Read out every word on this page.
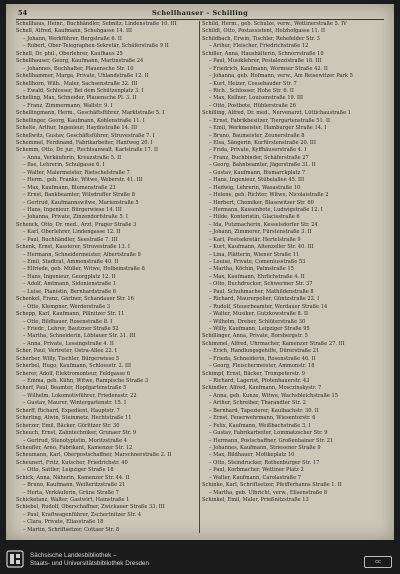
54	Schellhauser – Schilling
Schellhaus, Heinr., Buchhändler, Sebnitz, Lindenstraße 10. III
Schell, Alfred, Kaufmann, Schuhgasse 14. III
– Johann, Werkführer, Bergstraße 6. II
– Robert, Ober-Telegraphen-Sekretär, Schäferstraße 9 II
Schell, Dr. phil., Oberlehrer, Kaufhaus 25
Schellhauser, Georg, Kaufmann, Martinstraße 24
– Johannes, Buchhalter, Plauensche Str. 10
Schellhammer, Marga, Private, Uhlandstraße 12. II
Schellhorn, Wilh., Maler, Sachsenstraße 32. III
– Ewald, Schlosser, Bei dem Schützenplatz 3. I
Schelling, Max, Schneider, Plauensche Pl. 3. II
– Franz, Zimmermann, Wallstr. 9. I
Schellingmann, Herm., Geschäftsführer, Marktstraße 5. I
Schellinger, Georg, Kaufmann, Kohlenstraße 11. I
Schelte, Arthur, Ingenieur, Haydnstraße 14. III
Schellwitz, Gustav, Geschäftsführer, Struvestraße 7. I
Schemmel, Ferdinand, Fabrikarbeiter, Hanfweg 20. I
Schemm, Otto, Dr. jur., Rechtsanwalt, Karlstraße 17. II
– Anna, Verkäuferin, Kreuzstraße 5. II
– Ilse, Lehrerin, Schulgasse 6. I
– Walter, Malermeister, Rietschelstraße 7
– Herm., geb. Franke, Witwe, Weberstr. 41. III
– Max, Kaufmann, Blumenstraße 23
– Ernst, Bankbeamter, Wilsdruffer Straße 8
– Gertrud, Kaufmannswitwe, Marienstraße 5
– Hans, Ingenieur, Bürgerwiese 14. III
– Johanna, Private, Zinzendorfstraße 5. I
Schenck, Otto, Dr. med., Arzt, Prager Straße 3
– Karl, Oberlehrer, Lindengasse 12. II
– Paul, Buchhändler, Seestraße 7. III
Schenk, Ernst, Kassierer, Struvestraße 13. I
– Hermann, Schneidermeister, Albertstraße 9
– Emil, Stadtrat, Ammonstraße 40. II
– Elfriede, geb. Müller, Witwe, Holbeinstraße 8
– Hans, Ingenieur, Georgplatz 12. II
– Adolf, Amtmann, Sidonienstraße 1
– Luise, Pianistin, Bernhardstraße 6
Schenkel, Franz, Gärtner, Schandauer Str. 16
– Otto, Klempner, Werderstraße 3
Schepp, Karl, Kaufmann, Pillnitzer Str. 11
– Otto, Bildhauer, Rosenstraße 8. I
– Friedr., Lehrer, Bautzner Straße 52
– Martha, Schneiderin, Löbtauer Str. 31. III
– Anna, Private, Lessingstraße 4. II
Scher, Paul, Vertreter, Ostra-Allee 22. I
Scherber, Willy, Tischler, Bürgerwiese 5
Scherbel, Hugo, Kaufmann, Schlossstr. 2. III
Scherer, Adolf, Elektromonteur, Feldgasse 6
– Emma, geb. Kühn, Witwe, Rampische Straße 3
Scherf, Paul, Beamter, Hopfgartenstraße 5
– Wilhelm, Lokomotivführer, Friedensstr. 22
– Gustav, Maurer, Wintergartenstr. 15. I
Scherff, Richard, Expedient, Hauptstr. 7
Scherling, Alwin, Steinmetz, Hechtstraße 11
Scherzer, Emil, Bäcker, Görlitzer Str. 30
Scheuch, Ernst, Zahntechniker, Grunaer Str. 9
– Gertrud, Stenotypistin, Moritzstraße 4
Scheufler, Arno, Fabrikant, Kamenzer Str. 12
Scheumann, Karl, Oberpostschaffner, Marschnerstraße 2. II
Scheunert, Fritz, Kutscher, Friedrichstr. 40
– Otto, Sattler, Leipziger Straße 18
Schick, Anna, Näherin, Kamenzer Str. 44. II
– Bruno, Kaufmann, Weißeritzstraße 21
– Herta, Verkäuferin, Grüne Straße 7
Schicketanz, Walter, Gastwirt, Hainstraße 1
Schiebel, Rudolf, Oberschaffner, Zwickauer Straße 33. III
– Paul, Kraftwagenführer, Zschertnitzer Str. 4
– Clara, Private, Eliasstraße 18
– Martin, Schriftsetzer, Cottaer Str. 8
Schild, Herm., geb. Schulze, verw., Wettinerstraße 5. IV
Schildt, Otto, Postassistent, Holzhofgasse 11. II
Schildbach, Erwin, Tischler, Rehefelder Str. 3
– Arthur, Fleischer, Friedrichstraße 12
Schiller, Anna, Haushälterin, Schnorrstraße 10
– Paul, Musiklehrer, Pestalozzistraße 18. III
– Friedrich, Kaufmann, Wormser Straße 42. II
– Johanna, geb. Hofmann, verw., Am Reisewitzer Park 5
– Kurt, Heizer, Cossebauder Str. 7
– Rich., Schlosser, Hohe Str. 6. II
– Max, Kellner, Louisenstraße 19. III
– Otto, Postbote, Hüblerstraße 26
Schilling, Alfred, Dr. med., Nervenarzt, Lüttichaustraße 1
– Ernst, Fabrikbesitzer, Tiergartenstraße 51. II
– Emil, Werkmeister, Hamburger Straße 14. I
– Bruno, Baumeister, Zeunerstraße 8
– Elsa, Sängerin, Kurfürstenstraße 20. III
– Frida, Private, Kyffhäuserstraße 4. I
– Franz, Buchbinder, Schäferstraße 27
– Georg, Bahnbeamter, Jägerstraße 31. II
– Gustav, Kaufmann, Bismarckplatz 7
– Hans, Ingenieur, Stübelallee 45. III
– Hedwig, Lehrerin, Wasastraße 10
– Helene, geb. Richter, Witwe, Nicolaistraße 2
– Herbert, Chemiker, Blasewitzer Str. 60
– Hermann, Kassenbote, Ludwigstraße 12. I
– Hilde, Kontoristin, Glacisstraße 6
– Ida, Putzmacherin, Kesselsdorfer Str. 24
– Johann, Zimmerer, Fürstenstraße 3. II
– Karl, Postsekretär, Hertelstraße 9
– Kurt, Kaufmann, Altenzeller Str. 40. III
– Lina, Plätterin, Wiener Straße 11
– Louise, Private, Comeniusstraße 53
– Martha, Köchin, Palmstraße 15
– Max, Kaufmann, Ehrlichstraße 4. II
– Otto, Buchdrucker, Schweriner Str. 37
– Paul, Schuhmacher, Mathildenstraße 8
– Richard, Maurerpolier, Güntzstraße 22. I
– Rudolf, Steuerbeamter, Werdauer Straße 14
– Walter, Musiker, Gutzkowstraße 8. II
– Wilhelm, Dreher, Schlüterstraße 30
– Willy, Kaufmann, Leipziger Straße 95
Schillinger, Anna, Private, Borsbergstr. 5
Schimmel, Alfred, Uhrmacher, Kamenzer Straße 27. III
– Erich, Handlungsgehilfe, Dürerstraße 21
– Frieda, Schneiderin, Rosenstraße 46. II
– Georg, Fleischermeister, Ammonstr. 18
Schimpf, Ernst, Bäcker, Trompeterstr. 9
– Richard, Lagerist, Pfotenhauerstr. 43
Schindler, Alfred, Kaufmann, Mosczinskystr. 7
– Anna, geb. Kunze, Witwe, Wachsbleichstraße 15
– Arthur, Schreiber, Tharandter Str. 2
– Bernhard, Tapezierer, Kaulbachstr. 30. II
– Ernst, Feuerwehrmann, Wiesentorstr. 6
– Felix, Kaufmann, Weißbachstraße 3. I
– Gustav, Fabrikarbeiter, Lommatzscher Str. 9
– Hermann, Postschaffner, Großenhainer Str. 21
– Johannes, Kaufmann, Striesener Straße 9
– Max, Bildhauer, Moltkeplatz 10
– Otto, Steindrucker, Rothenburger Str. 17
– Paul, Korbmacher, Wettiner Platz 2
– Walter, Kaufmann, Carolastraße 7
Schinke, Karl, Schriftsetzer, Pfeifferhanns Straße 1. II
– Martha, geb. Ulbricht, verw., Elisenstraße 8
Schinkel, Emil, Maler, Prießnitzstraße 13
Sächsische Landesbibliothek –
Staats- und Universitätsbibliothek Dresden	cc
